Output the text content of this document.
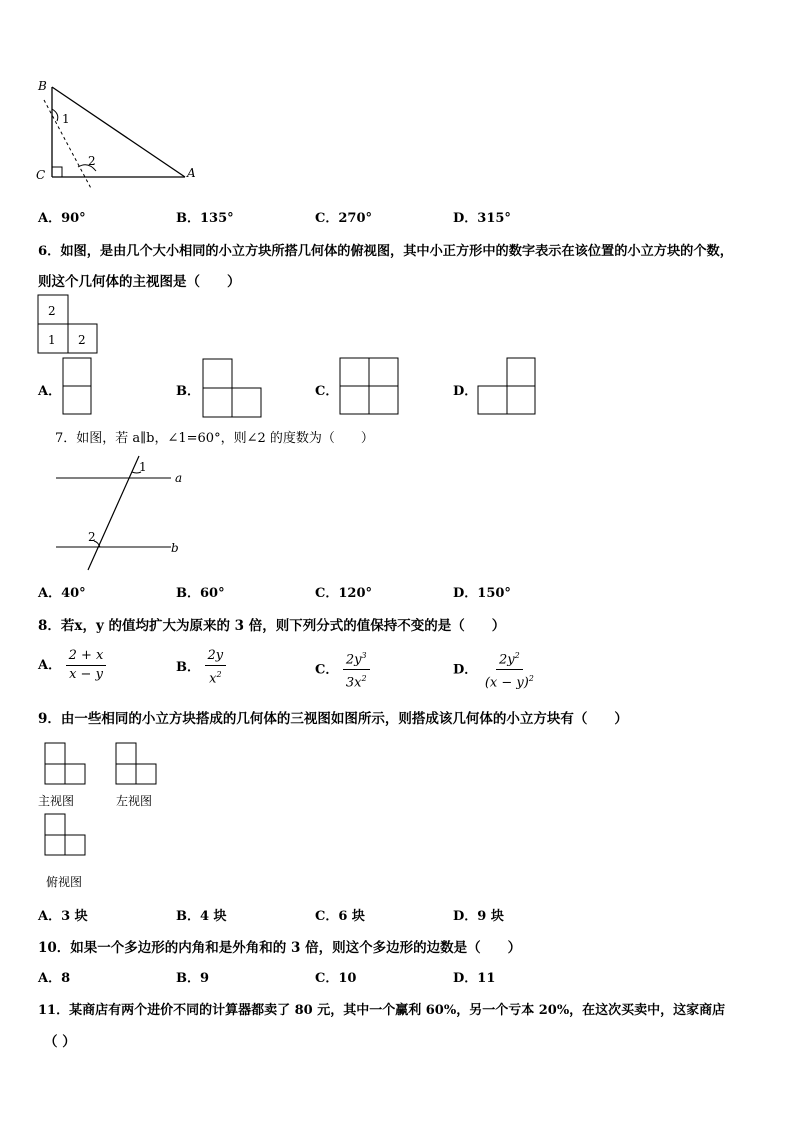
B
C	A
1
2
A．90°	B．135°	C．270°	D．315°
6．如图，是由几个大小相同的小立方块所搭几何体的俯视图，其中小正方形中的数字表示在该位置的小立方块的个数，
则这个几何体的主视图是（　　）
2
1 2
A．	B．	C．	D．
7．如图，若 a∥b，∠1=60°，则∠2 的度数为（　　）
1
2
a
b
A．40°	B．60°	C．120°	D．150°
8．若x，y 的值均扩大为原来的 3 倍，则下列分式的值保持不变的是（　　）
A． $\frac{2 + x}{x - y}$	B． $\frac{2y}{x^2}$	C． $\frac{2y^3}{3x^2}$	D． $\frac{2y^2}{(x - y)^2}$
9．由一些相同的小立方块搭成的几何体的三视图如图所示，则搭成该几何体的小立方块有（　　）
主视图	左视图
俯视图
A．3 块	B．4 块	C．6 块	D．9 块
10．如果一个多边形的内角和是外角和的 3 倍，则这个多边形的边数是（　　）
A．8	B．9	C．10	D．11
11．某商店有两个进价不同的计算器都卖了 80 元，其中一个赢利 60%，另一个亏本 20%，在这次买卖中，这家商店
（ ）
